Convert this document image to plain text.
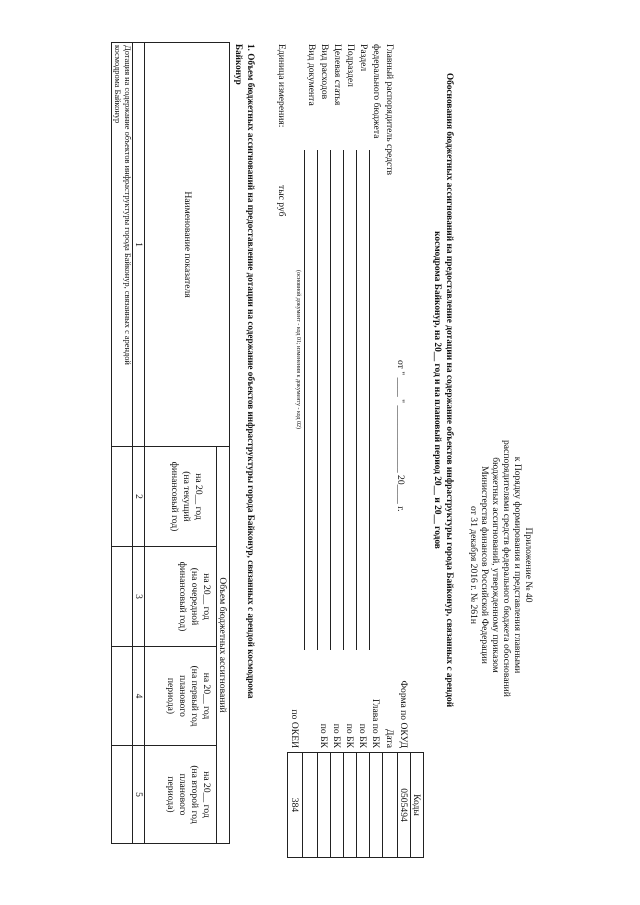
Приложение № 40
к Порядку формирования и представления главными
распорядителями средств федерального бюджета обоснований
бюджетных ассигнований, утвержденному приказом
Министерства финансов Российской Федерации
от 31 декабря 2016 г. № 261н
Обоснования бюджетных ассигнований на предоставление дотации на содержание объектов инфраструктуры города Байконур, связанных с арендой
космодрома Байконур, на 20__ год и на плановый период 20__ и 20__ годов
Коды
0505494
384
Форма по ОКУД
Дата
Глава по БК
по БК
по БК
по БК
по БК
по ОКЕИ
от " ____ " ______________ 20____ г.
Главный распорядитель средств
федерального бюджета
Раздел
Подраздел
Целевая статья
Вид расходов
Вид документа
(основной документ - код 01; изменения к документу - код 02)
Единица измерения:
тыс руб
1. Объем бюджетных ассигнований на предоставление дотации на содержание объектов инфраструктуры города Байконур, связанных с арендой космодрома
Байконур
Наименование показателя
Объем бюджетных ассигнований
на 20__ год
(на текущий
финансовый год)
на 20__ год
(на очередной
финансовый год)
на 20__ год
(на первый год
планового
периода)
на 20__ год
(на второй год
планового
периода)
1
2
3
4
5
Дотация на содержание объектов инфраструктуры города Байконур, связанных с арендой
космодрома Байконур
